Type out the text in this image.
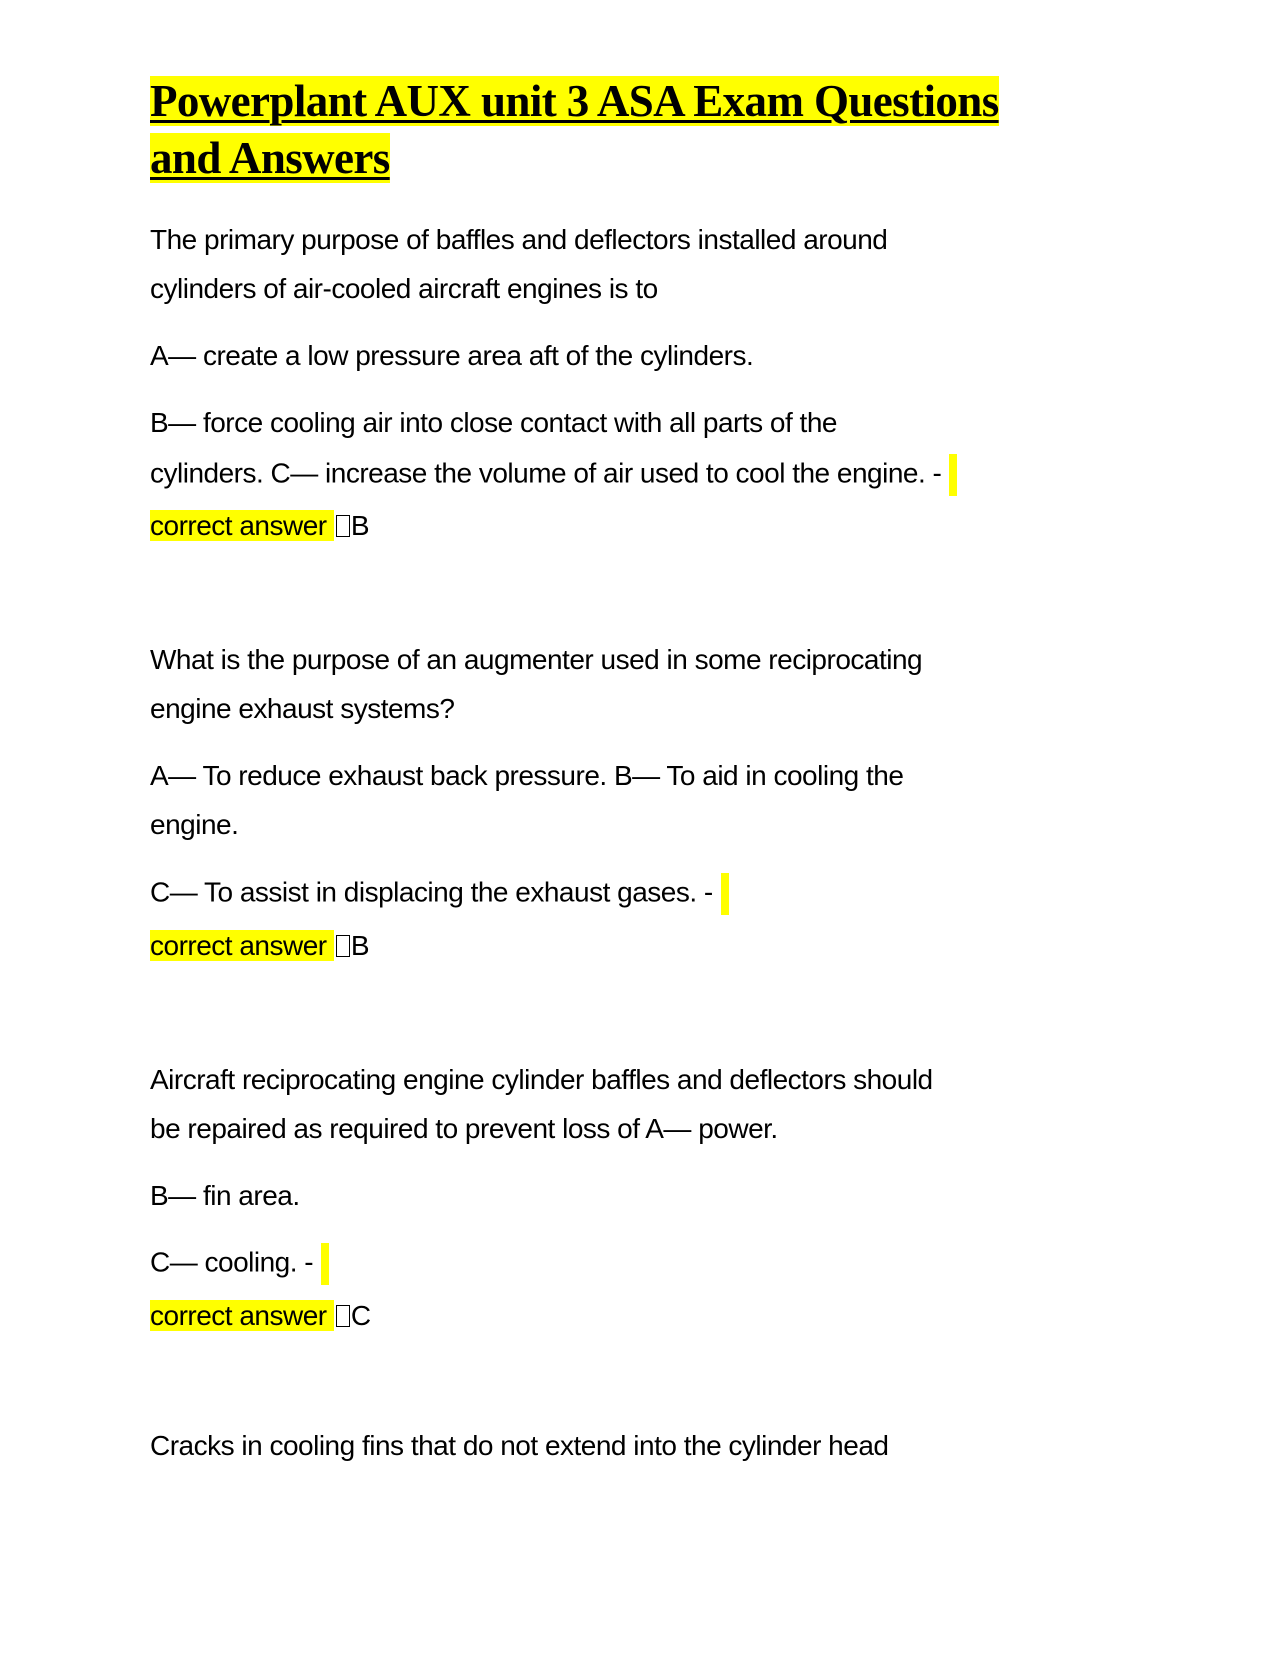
Powerplant AUX unit 3 ASA Exam Questions
and Answers
The primary purpose of baffles and deflectors installed around
cylinders of air-cooled aircraft engines is to
A— create a low pressure area aft of the cylinders.
B— force cooling air into close contact with all parts of the
cylinders. C— increase the volume of air used to cool the engine. -
correct answer B
What is the purpose of an augmenter used in some reciprocating
engine exhaust systems?
A— To reduce exhaust back pressure. B— To aid in cooling the
engine.
C— To assist in displacing the exhaust gases. -
correct answer B
Aircraft reciprocating engine cylinder baffles and deflectors should
be repaired as required to prevent loss of A— power.
B— fin area.
C— cooling. -
correct answer C
Cracks in cooling fins that do not extend into the cylinder head
